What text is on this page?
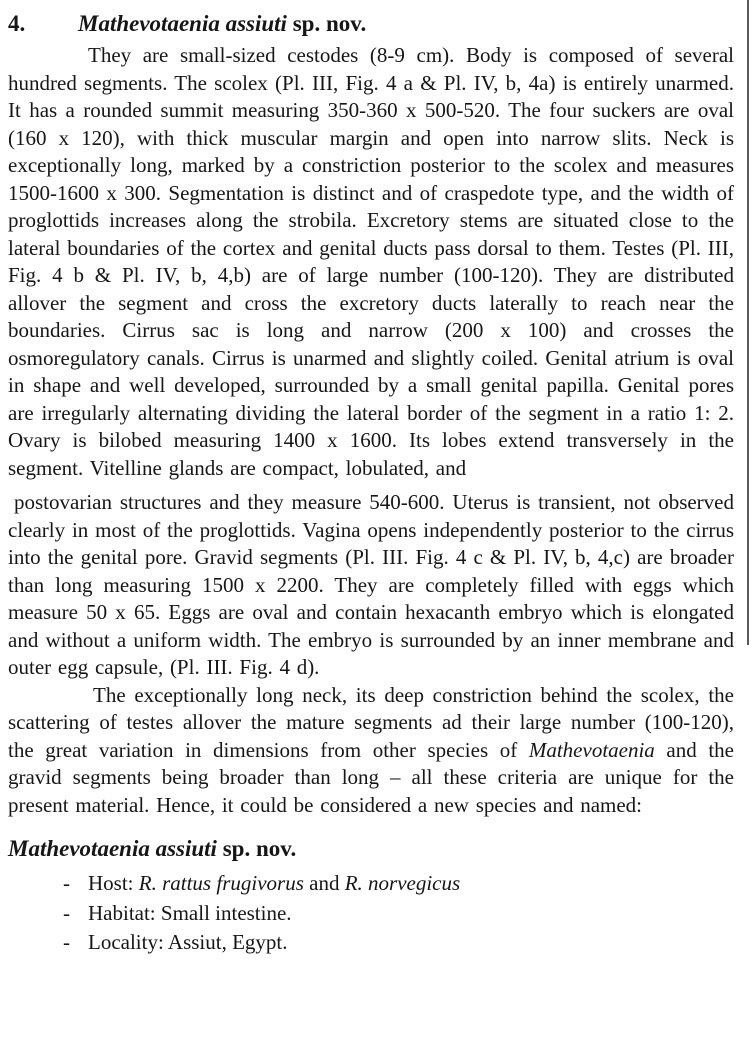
4. Mathevotaenia assiuti sp. nov.

They are small-sized cestodes (8-9 cm). Body is composed of several hundred segments. The scolex (Pl. III, Fig. 4 a & Pl. IV, b, 4a) is entirely unarmed. It has a rounded summit measuring 350-360 x 500-520. The four suckers are oval (160 x 120), with thick muscular margin and open into narrow slits. Neck is exceptionally long, marked by a constriction posterior to the scolex and measures 1500-1600 x 300. Segmentation is distinct and of craspedote type, and the width of proglottids increases along the strobila. Excretory stems are situated close to the lateral boundaries of the cortex and genital ducts pass dorsal to them. Testes (Pl. III, Fig. 4 b & Pl. IV, b, 4,b) are of large number (100-120). They are distributed allover the segment and cross the excretory ducts laterally to reach near the boundaries. Cirrus sac is long and narrow (200 x 100) and crosses the osmoregulatory canals. Cirrus is unarmed and slightly coiled. Genital atrium is oval in shape and well developed, surrounded by a small genital papilla. Genital pores are irregularly alternating dividing the lateral border of the segment in a ratio 1: 2. Ovary is bilobed measuring 1400 x 1600. Its lobes extend transversely in the segment. Vitelline glands are compact, lobulated, and

postovarian structures and they measure 540-600. Uterus is transient, not observed clearly in most of the proglottids. Vagina opens independently posterior to the cirrus into the genital pore. Gravid segments (Pl. III. Fig. 4 c & Pl. IV, b, 4,c) are broader than long measuring 1500 x 2200. They are completely filled with eggs which measure 50 x 65. Eggs are oval and contain hexacanth embryo which is elongated and without a uniform width. The embryo is surrounded by an inner membrane and outer egg capsule, (Pl. III. Fig. 4 d).

The exceptionally long neck, its deep constriction behind the scolex, the scattering of testes allover the mature segments ad their large number (100-120), the great variation in dimensions from other species of Mathevotaenia and the gravid segments being broader than long – all these criteria are unique for the present material. Hence, it could be considered a new species and named:

Mathevotaenia assiuti sp. nov.
- Host: R. rattus frugivorus and R. norvegicus
- Habitat: Small intestine.
- Locality: Assiut, Egypt.
